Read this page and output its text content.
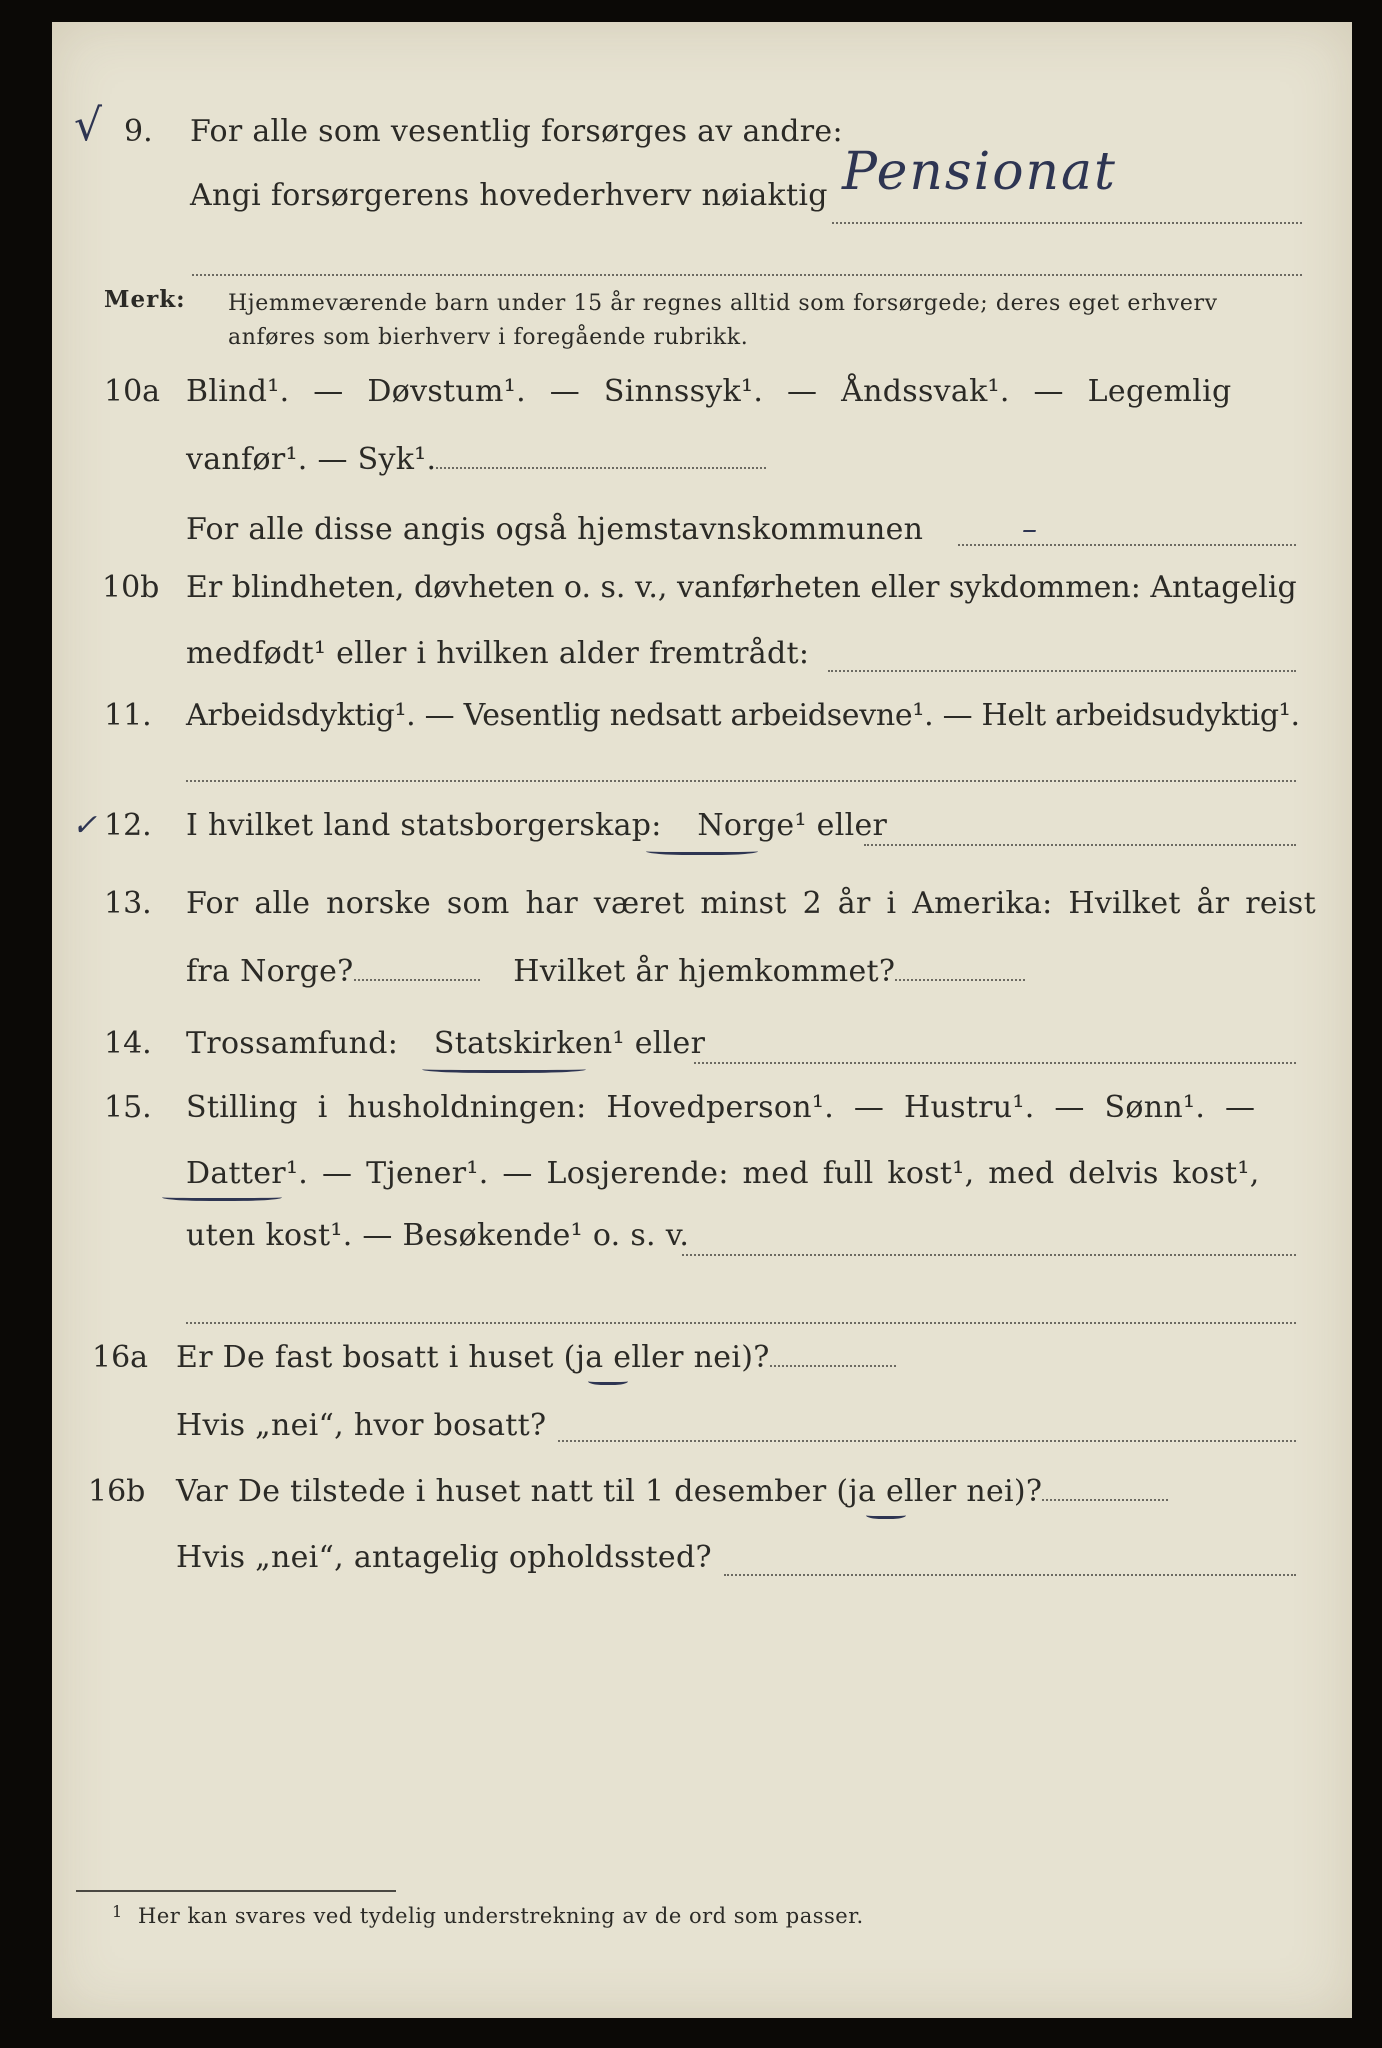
√ 9. For alle som vesentlig forsørges av andre:
Angi forsørgerens hovederhverv nøiaktig Pensionat
Merk: Hjemmeværende barn under 15 år regnes alltid som forsørgede; deres eget erhverv
anføres som bierhverv i foregående rubrikk.
10a Blind¹. — Døvstum¹. — Sinnssyk¹. — Åndssvak¹. — Legemlig
vanfør¹. — Syk¹.
For alle disse angis også hjemstavnskommunen	–
10b Er blindheten, døvheten o. s. v., vanførheten eller sykdommen: Antagelig
medfødt¹ eller i hvilken alder fremtrådt:
11. Arbeidsdyktig¹. — Vesentlig nedsatt arbeidsevne¹. — Helt arbeidsudyktig¹.
✓ 12. I hvilket land statsborgerskap: Norge¹ eller
13. For alle norske som har været minst 2 år i Amerika: Hvilket år reist
fra Norge?	Hvilket år hjemkommet?
14. Trossamfund: Statskirken¹ eller
15. Stilling i husholdningen: Hovedperson¹. — Hustru¹. — Sønn¹. —
Datter¹. — Tjener¹. — Losjerende: med full kost¹, med delvis kost¹,
uten kost¹. — Besøkende¹ o. s. v.
16a Er De fast bosatt i huset (ja eller nei)?
Hvis „nei“, hvor bosatt?
16b Var De tilstede i huset natt til 1 desember (ja eller nei)?
Hvis „nei“, antagelig opholdssted?
1 Her kan svares ved tydelig understrekning av de ord som passer.
